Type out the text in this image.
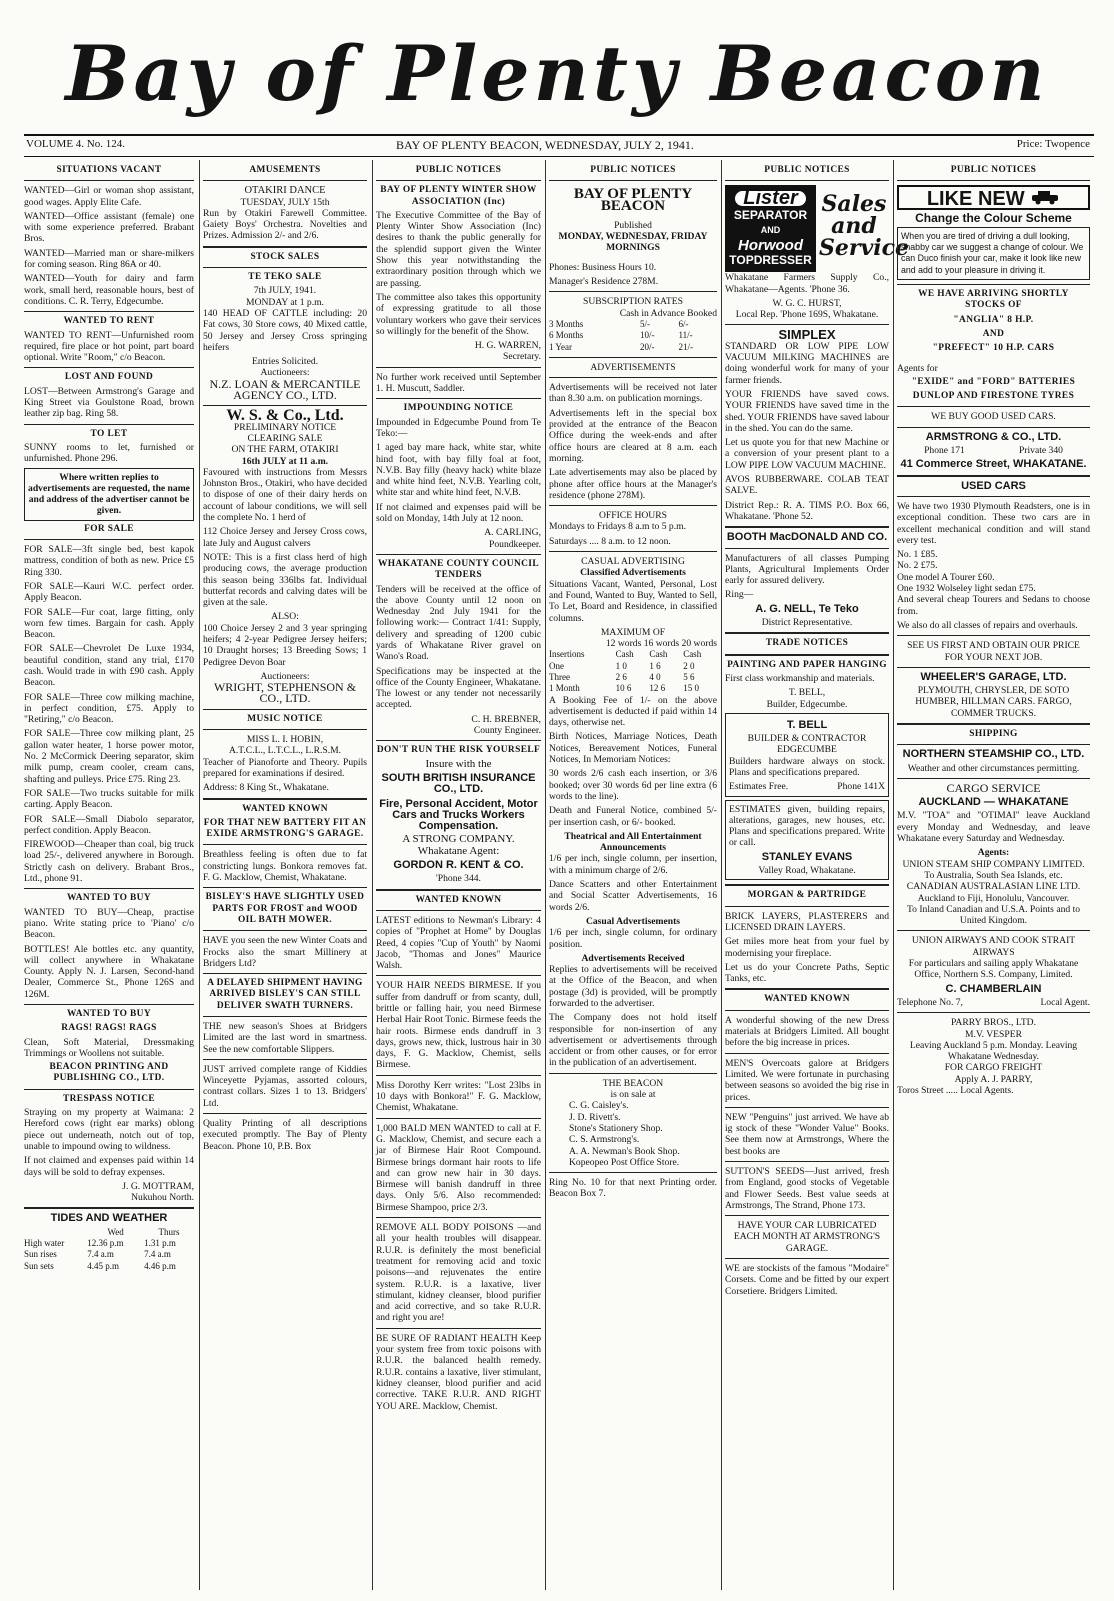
Bay of Plenty Beacon
VOLUME 4. No. 124.	BAY OF PLENTY BEACON, WEDNESDAY, JULY 2, 1941.	Price: Twopence
SITUATIONS VACANT

WANTED—Girl or woman shop assistant, good wages. Apply Elite Cafe.

WANTED—Office assistant (female) one with some experience preferred. Brabant Bros.

WANTED—Married man or share-milkers for coming season. Ring 86A or 40.

WANTED—Youth for dairy and farm work, small herd, reasonable hours, best of conditions. C. R. Terry, Edgecumbe.

WANTED TO RENT

WANTED TO RENT—Unfurnished room required, fire place or hot point, part board optional. Write "Room," c/o Beacon.

LOST AND FOUND

LOST—Between Armstrong's Garage and King Street via Goulstone Road, brown leather zip bag. Ring 58.

TO LET

SUNNY rooms to let, furnished or unfurnished. Phone 296.

Where written replies to advertisements are requested, the name and address of the advertiser cannot be given.
FOR SALE

FOR SALE—3ft single bed, best kapok mattress, condition of both as new. Price £5 Ring 330.

FOR SALE—Kauri W.C. perfect order. Apply Beacon.

FOR SALE—Fur coat, large fitting, only worn few times. Bargain for cash. Apply Beacon.

FOR SALE—Chevrolet De Luxe 1934, beautiful condition, stand any trial, £170 cash. Would trade in with £90 cash. Apply Beacon.

FOR SALE—Three cow milking machine, in perfect condition, £75. Apply to "Retiring," c/o Beacon.

FOR SALE—Three cow milking plant, 25 gallon water heater, 1 horse power motor, No. 2 McCormick Deering separator, skim milk pump, cream cooler, cream cans, shafting and pulleys. Price £75. Ring 23.

FOR SALE—Two trucks suitable for milk carting. Apply Beacon.

FOR SALE—Small Diabolo separator, perfect condition. Apply Beacon.

FIREWOOD—Cheaper than coal, big truck load 25/-, delivered anywhere in Borough. Strictly cash on delivery. Brabant Bros., Ltd., phone 91.

WANTED TO BUY

WANTED TO BUY—Cheap, practise piano. Write stating price to 'Piano' c/o Beacon.

BOTTLES! Ale bottles etc. any quantity, will collect anywhere in Whakatane County. Apply N. J. Larsen, Second-hand Dealer, Commerce St., Phone 126S and 126M.

WANTED TO BUY
RAGS! RAGS! RAGS

Clean, Soft Material, Dressmaking Trimmings or Woollens not suitable.

BEACON PRINTING AND PUBLISHING CO., LTD.
TRESPASS NOTICE

Straying on my property at Waimana: 2 Hereford cows (right ear marks) oblong piece out underneath, notch out of top, unable to impound owing to wildness.

If not claimed and expenses paid within 14 days will be sold to defray expenses.

J. G. MOTTRAM,
Nukuhou North.
TIDES AND WEATHER
	Wed	Thurs
High water	12.36 p.m	1.31 p.m
Sun rises	7.4 a.m	7.4 a.m
Sun sets	4.45 p.m	4.46 p.m
AMUSEMENTS
OTAKIRI DANCE
TUESDAY, JULY 15th

Run by Otakiri Farewell Committee. Gaiety Boys' Orchestra. Novelties and Prizes. Admission 2/- and 2/6.

STOCK SALES
TE TEKO SALE
7th JULY, 1941.
MONDAY at 1 p.m.

140 HEAD OF CATTLE including: 20 Fat cows, 30 Store cows, 40 Mixed cattle, 50 Jersey and Jersey Cross springing heifers

Entries Solicited.
Auctioneers:
N.Z. LOAN & MERCANTILE AGENCY CO., LTD.
W. S. & Co., Ltd.
PRELIMINARY NOTICE
CLEARING SALE
ON THE FARM, OTAKIRI
16th JULY at 11 a.m.

Favoured with instructions from Messrs Johnston Bros., Otakiri, who have decided to dispose of one of their dairy herds on account of labour conditions, we will sell the complete No. 1 herd of

112 Choice Jersey and Jersey Cross cows, late July and August calvers

NOTE: This is a first class herd of high producing cows, the average production this season being 336lbs fat. Individual butterfat records and calving dates will be given at the sale.

ALSO:

100 Choice Jersey 2 and 3 year springing heifers; 4 2-year Pedigree Jersey heifers; 10 Draught horses; 13 Breeding Sows; 1 Pedigree Devon Boar

Auctioneers:
WRIGHT, STEPHENSON & CO., LTD.
MUSIC NOTICE
MISS L. I. HOBIN,
A.T.C.L., L.T.C.L., L.R.S.M.

Teacher of Pianoforte and Theory. Pupils prepared for examinations if desired.

Address: 8 King St., Whakatane.

WANTED KNOWN
FOR THAT NEW BATTERY FIT AN EXIDE ARMSTRONG'S GARAGE.

Breathless feeling is often due to fat constricting lungs. Bonkora removes fat. F. G. Macklow, Chemist, Whakatane.

BISLEY'S HAVE SLIGHTLY USED PARTS FOR FROST and WOOD OIL BATH MOWER.

HAVE you seen the new Winter Coats and Frocks also the smart Millinery at Bridgers Ltd?

A DELAYED SHIPMENT HAVING ARRIVED BISLEY'S CAN STILL DELIVER SWATH TURNERS.

THE new season's Shoes at Bridgers Limited are the last word in smartness. See the new comfortable Slippers.

JUST arrived complete range of Kiddies Winceyette Pyjamas, assorted colours, contrast collars. Sizes 1 to 13. Bridgers' Ltd.

Quality Printing of all descriptions executed promptly. The Bay of Plenty Beacon. Phone 10, P.B. Box

PUBLIC NOTICES
BAY OF PLENTY WINTER SHOW ASSOCIATION (Inc)

The Executive Committee of the Bay of Plenty Winter Show Association (Inc) desires to thank the public generally for the splendid support given the Winter Show this year notwithstanding the extraordinary position through which we are passing.

The committee also takes this opportunity of expressing gratitude to all those voluntary workers who gave their services so willingly for the benefit of the Show.

H. G. WARREN,
Secretary.

No further work received until September 1. H. Muscutt, Saddler.

IMPOUNDING NOTICE

Impounded in Edgecumbe Pound from Te Teko:—

1 aged bay mare hack, white star, white hind foot, with bay filly foal at foot, N.V.B. Bay filly (heavy hack) white blaze and white hind feet, N.V.B. Yearling colt, white star and white hind feet, N.V.B.

If not claimed and expenses paid will be sold on Monday, 14th July at 12 noon.

A. CARLING,
Poundkeeper.
WHAKATANE COUNTY COUNCIL TENDERS

Tenders will be received at the office of the above County until 12 noon on Wednesday 2nd July 1941 for the following work:— Contract 1/41: Supply, delivery and spreading of 1200 cubic yards of Whakatane River gravel on Wano's Road.

Specifications may be inspected at the office of the County Engineer, Whakatane. The lowest or any tender not necessarily accepted.

C. H. BREBNER,
County Engineer.
DON'T RUN THE RISK YOURSELF
Insure with the
SOUTH BRITISH INSURANCE CO., LTD.
Fire, Personal Accident, Motor Cars and Trucks Workers Compensation.
A STRONG COMPANY.
Whakatane Agent:
GORDON R. KENT & CO.
'Phone 344.
WANTED KNOWN

LATEST editions to Newman's Library: 4 copies of "Prophet at Home" by Douglas Reed, 4 copies "Cup of Youth" by Naomi Jacob, "Thomas and Jones" Maurice Walsh.

YOUR HAIR NEEDS BIRMESE. If you suffer from dandruff or from scanty, dull, brittle or falling hair, you need Birmese Herbal Hair Root Tonic. Birmese feeds the hair roots. Birmese ends dandruff in 3 days, grows new, thick, lustrous hair in 30 days, F. G. Macklow, Chemist, sells Birmese.

Miss Dorothy Kerr writes: "Lost 23lbs in 10 days with Bonkora!" F. G. Macklow, Chemist, Whakatane.

1,000 BALD MEN WANTED to call at F. G. Macklow, Chemist, and secure each a jar of Birmese Hair Root Compound. Birmese brings dormant hair roots to life and can grow new hair in 30 days. Birmese will banish dandruff in three days. Only 5/6. Also recommended: Birmese Shampoo, price 2/3.

REMOVE ALL BODY POISONS —and all your health troubles will disappear. R.U.R. is definitely the most beneficial treatment for removing acid and toxic poisons—and rejuvenates the entire system. R.U.R. is a laxative, liver stimulant, kidney cleanser, blood purifier and acid corrective, and so take R.U.R. and right you are!

BE SURE OF RADIANT HEALTH Keep your system free from toxic poisons with R.U.R. the balanced health remedy. R.U.R. contains a laxative, liver stimulant, kidney cleanser, blood purifier and acid corrective. TAKE R.U.R. AND RIGHT YOU ARE. Macklow, Chemist.

PUBLIC NOTICES
BAY OF PLENTY BEACON
Published
MONDAY, WEDNESDAY, FRIDAY MORNINGS

Phones: Business Hours 10.

Manager's Residence 278M.

SUBSCRIPTION RATES
Cash in Advance Booked
3 Months	5/-	6/-
6 Months	10/-	11/-
1 Year	20/-	21/-
ADVERTISEMENTS

Advertisements will be received not later than 8.30 a.m. on publication mornings.

Advertisements left in the special box provided at the entrance of the Beacon Office during the week-ends and after office hours are cleared at 8 a.m. each morning.

Late advertisements may also be placed by phone after office hours at the Manager's residence (phone 278M).

OFFICE HOURS

Mondays to Fridays 8 a.m to 5 p.m.

Saturdays .... 8 a.m. to 12 noon.

CASUAL ADVERTISING
Classified Advertisements

Situations Vacant, Wanted, Personal, Lost and Found, Wanted to Buy, Wanted to Sell, To Let, Board and Residence, in classified columns.

MAXIMUM OF
12 words 16 words 20 words
Insertions	Cash	Cash	Cash
One	1 0	1 6	2 0
Three	2 6	4 0	5 6
1 Month	10 6	12 6	15 0

A Booking Fee of 1/- on the above advertisement is deducted if paid within 14 days, otherwise net.

Birth Notices, Marriage Notices, Death Notices, Bereavement Notices, Funeral Notices, In Memoriam Notices:

30 words 2/6 cash each insertion, or 3/6 booked; over 30 words 6d per line extra (6 words to the line).

Death and Funeral Notice, combined 5/- per insertion cash, or 6/- booked.

Theatrical and All Entertainment Announcements

1/6 per inch, single column, per insertion, with a minimum charge of 2/6.

Dance Scatters and other Entertainment and Social Scatter Advertisements, 16 words 2/6.

Casual Advertisements

1/6 per inch, single column, for ordinary position.

Advertisements Received

Replies to advertisements will be received at the Office of the Beacon, and when postage (3d) is provided, will be promptly forwarded to the advertiser.

The Company does not hold itself responsible for non-insertion of any advertisement or advertisements through accident or from other causes, or for error in the publication of an advertisement.

THE BEACON
is on sale at
C. G. Caisley's.
J. D. Rivett's.
Stone's Stationery Shop.
C. S. Armstrong's.
A. A. Newman's Book Shop.
Kopeopeo Post Office Store.

Ring No. 10 for that next Printing order. Beacon Box 7.

PUBLIC NOTICES
Lister
SEPARATOR
AND
Horwood
TOPDRESSER
Sales and Service

Whakatane Farmers Supply Co., Whakatane—Agents. 'Phone 36.

W. G. C. HURST,
Local Rep. 'Phone 169S, Whakatane.
SIMPLEX

STANDARD OR LOW PIPE LOW VACUUM MILKING MACHINES are doing wonderful work for many of your farmer friends.

YOUR FRIENDS have saved cows. YOUR FRIENDS have saved time in the shed. YOUR FRIENDS have saved labour in the shed. You can do the same.

Let us quote you for that new Machine or a conversion of your present plant to a LOW PIPE LOW VACUUM MACHINE.

AVOS RUBBERWARE. COLAB TEAT SALVE.

District Rep.: R. A. TIMS P.O. Box 66, Whakatane. 'Phone 52.

BOOTH MacDONALD AND CO.

Manufacturers of all classes Pumping Plants, Agricultural Implements Order early for assured delivery.

Ring—
A. G. NELL, Te Teko
District Representative.
TRADE NOTICES
PAINTING AND PAPER HANGING

First class workmanship and materials.

T. BELL,
Builder, Edgecumbe.
T. BELL
BUILDER & CONTRACTOR
EDGECUMBE

Builders hardware always on stock. Plans and specifications prepared.

Estimates Free.	Phone 141X

ESTIMATES given, building repairs, alterations, garages, new houses, etc. Plans and specifications prepared. Write or call.

STANLEY EVANS
Valley Road, Whakatane.
MORGAN & PARTRIDGE

BRICK LAYERS, PLASTERERS and LICENSED DRAIN LAYERS.

Get miles more heat from your fuel by modernising your fireplace.

Let us do your Concrete Paths, Septic Tanks, etc.

WANTED KNOWN

A wonderful showing of the new Dress materials at Bridgers Limited. All bought before the big increase in prices.

MEN'S Overcoats galore at Bridgers Limited. We were fortunate in purchasing between seasons so avoided the big rise in prices.

NEW "Penguins" just arrived. We have ab ig stock of these "Wonder Value" Books. See them now at Armstrongs, Where the best books are

SUTTON'S SEEDS—Just arrived, fresh from England, good stocks of Vegetable and Flower Seeds. Best value seeds at Armstrongs, The Strand, Phone 173.

HAVE YOUR CAR LUBRICATED EACH MONTH AT ARMSTRONG'S GARAGE.

WE are stockists of the famous "Modaire" Corsets. Come and be fitted by our expert Corsetiere. Bridgers Limited.

PUBLIC NOTICES
LIKE NEW
Change the Colour Scheme
When you are tired of driving a dull looking, shabby car we suggest a change of colour. We can Duco finish your car, make it look like new and add to your pleasure in driving it.
WE HAVE ARRIVING SHORTLY STOCKS OF
"ANGLIA" 8 H.P.
AND
"PREFECT" 10 H.P. CARS
Agents for
"EXIDE" and "FORD" BATTERIES
DUNLOP AND FIRESTONE TYRES
WE BUY GOOD USED CARS.
ARMSTRONG & CO., LTD.
Phone 171	Private 340
41 Commerce Street, WHAKATANE.
USED CARS

We have two 1930 Plymouth Readsters, one is in exceptional condition. These two cars are in excellent mechanical condition and will stand every test.

No. 1 £85.
No. 2 £75.
One model A Tourer £60.
One 1932 Wolseley light sedan £75.

And several cheap Tourers and Sedans to choose from.

We also do all classes of repairs and overhauls.

SEE US FIRST AND OBTAIN OUR PRICE FOR YOUR NEXT JOB.
WHEELER'S GARAGE, LTD.
PLYMOUTH, CHRYSLER, DE SOTO HUMBER, HILLMAN CARS. FARGO, COMMER TRUCKS.
SHIPPING
NORTHERN STEAMSHIP CO., LTD.
Weather and other circumstances permitting.
CARGO SERVICE
AUCKLAND — WHAKATANE

M.V. "TOA" and "OTIMAI" leave Auckland every Monday and Wednesday, and leave Whakatane every Saturday and Wednesday.

Agents:
UNION STEAM SHIP COMPANY LIMITED.
To Australia, South Sea Islands, etc.
CANADIAN AUSTRALASIAN LINE LTD.
Auckland to Fiji, Honolulu, Vancouver.
To Inland Canadian and U.S.A. Points and to United Kingdom.
UNION AIRWAYS AND COOK STRAIT AIRWAYS
For particulars and sailing apply Whakatane Office, Northern S.S. Company, Limited.
C. CHAMBERLAIN
Telephone No. 7,	Local Agent.
PARRY BROS., LTD.
M.V. VESPER
Leaving Auckland 5 p.m. Monday. Leaving Whakatane Wednesday.
FOR CARGO FREIGHT
Apply A. J. PARRY,
Toros Street ..... Local Agents.
